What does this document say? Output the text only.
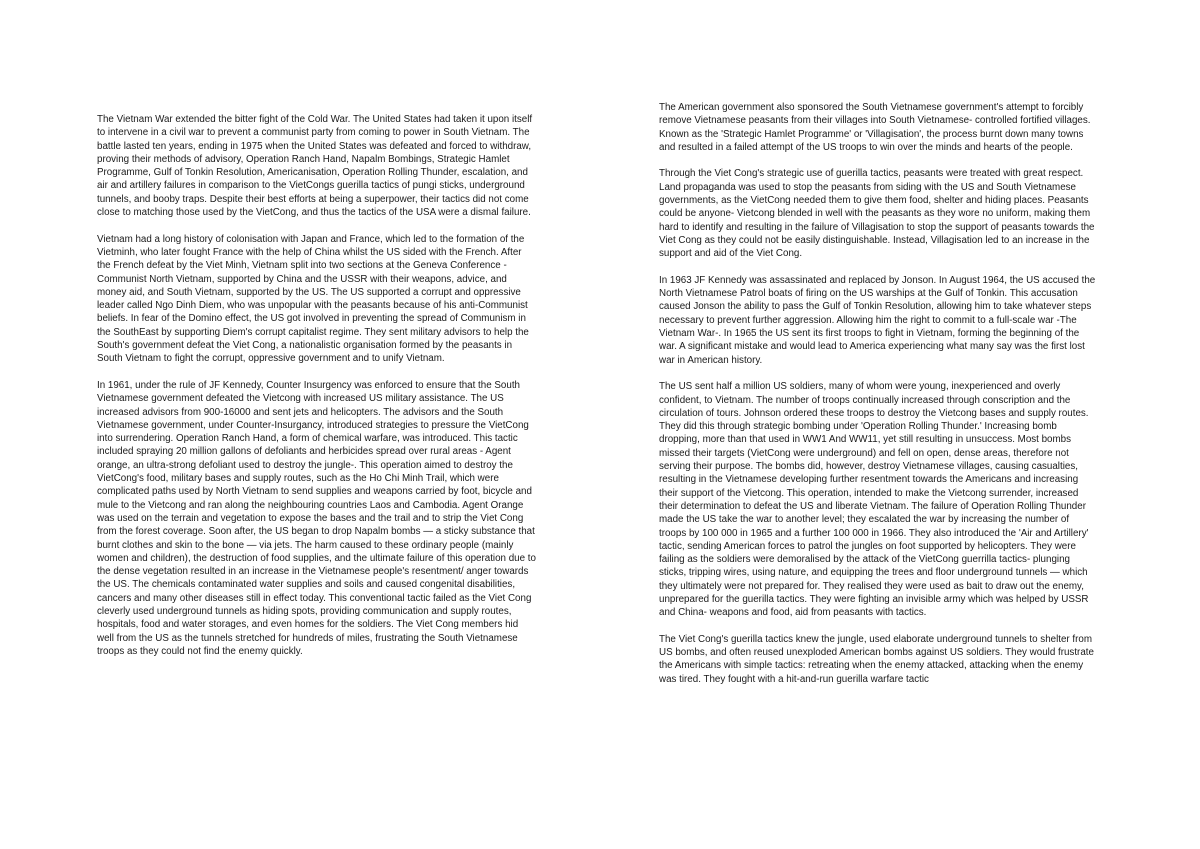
The Vietnam War extended the bitter fight of the Cold War. The United States had taken it upon itself to intervene in a civil war to prevent a communist party from coming to power in South Vietnam. The battle lasted ten years, ending in 1975 when the United States was defeated and forced to withdraw, proving their methods of advisory, Operation Ranch Hand, Napalm Bombings, Strategic Hamlet Programme, Gulf of Tonkin Resolution, Americanisation, Operation Rolling Thunder, escalation, and air and artillery failures in comparison to the VietCongs guerilla tactics of pungi sticks, underground tunnels, and booby traps. Despite their best efforts at being a superpower, their tactics did not come close to matching those used by the VietCong, and thus the tactics of the USA were a dismal failure.

Vietnam had a long history of colonisation with Japan and France, which led to the formation of the Vietminh, who later fought France with the help of China whilst the US sided with the French. After the French defeat by the Viet Minh, Vietnam split into two sections at the Geneva Conference - Communist North Vietnam, supported by China and the USSR with their weapons, advice, and money aid, and South Vietnam, supported by the US. The US supported a corrupt and oppressive leader called Ngo Dinh Diem, who was unpopular with the peasants because of his anti-Communist beliefs. In fear of the Domino effect, the US got involved in preventing the spread of Communism in the SouthEast by supporting Diem's corrupt capitalist regime. They sent military advisors to help the South's government defeat the Viet Cong, a nationalistic organisation formed by the peasants in South Vietnam to fight the corrupt, oppressive government and to unify Vietnam.

In 1961, under the rule of JF Kennedy, Counter Insurgency was enforced to ensure that the South Vietnamese government defeated the Vietcong with increased US military assistance. The US increased advisors from 900-16000 and sent jets and helicopters. The advisors and the South Vietnamese government, under Counter-Insurgancy, introduced strategies to pressure the VietCong into surrendering. Operation Ranch Hand, a form of chemical warfare, was introduced. This tactic included spraying 20 million gallons of defoliants and herbicides spread over rural areas - Agent orange, an ultra-strong defoliant used to destroy the jungle-. This operation aimed to destroy the VietCong's food, military bases and supply routes, such as the Ho Chi Minh Trail, which were complicated paths used by North Vietnam to send supplies and weapons carried by foot, bicycle and mule to the Vietcong and ran along the neighbouring countries Laos and Cambodia. Agent Orange was used on the terrain and vegetation to expose the bases and the trail and to strip the Viet Cong from the forest coverage. Soon after, the US began to drop Napalm bombs — a sticky substance that burnt clothes and skin to the bone — via jets. The harm caused to these ordinary people (mainly women and children), the destruction of food supplies, and the ultimate failure of this operation due to the dense vegetation resulted in an increase in the Vietnamese people's resentment/ anger towards the US. The chemicals contaminated water supplies and soils and caused congenital disabilities, cancers and many other diseases still in effect today. This conventional tactic failed as the Viet Cong cleverly used underground tunnels as hiding spots, providing communication and supply routes, hospitals, food and water storages, and even homes for the soldiers. The Viet Cong members hid well from the US as the tunnels stretched for hundreds of miles, frustrating the South Vietnamese troops as they could not find the enemy quickly.

The American government also sponsored the South Vietnamese government's attempt to forcibly remove Vietnamese peasants from their villages into South Vietnamese- controlled fortified villages. Known as the 'Strategic Hamlet Programme' or 'Villagisation', the process burnt down many towns and resulted in a failed attempt of the US troops to win over the minds and hearts of the people.

Through the Viet Cong's strategic use of guerilla tactics, peasants were treated with great respect. Land propaganda was used to stop the peasants from siding with the US and South Vietnamese governments, as the VietCong needed them to give them food, shelter and hiding places. Peasants could be anyone- Vietcong blended in well with the peasants as they wore no uniform, making them hard to identify and resulting in the failure of Villagisation to stop the support of peasants towards the Viet Cong as they could not be easily distinguishable. Instead, Villagisation led to an increase in the support and aid of the Viet Cong.

In 1963 JF Kennedy was assassinated and replaced by Jonson. In August 1964, the US accused the North Vietnamese Patrol boats of firing on the US warships at the Gulf of Tonkin. This accusation caused Jonson the ability to pass the Gulf of Tonkin Resolution, allowing him to take whatever steps necessary to prevent further aggression. Allowing him the right to commit to a full-scale war -The Vietnam War-. In 1965 the US sent its first troops to fight in Vietnam, forming the beginning of the war. A significant mistake and would lead to America experiencing what many say was the first lost war in American history.

The US sent half a million US soldiers, many of whom were young, inexperienced and overly confident, to Vietnam. The number of troops continually increased through conscription and the circulation of tours. Johnson ordered these troops to destroy the Vietcong bases and supply routes. They did this through strategic bombing under 'Operation Rolling Thunder.' Increasing bomb dropping, more than that used in WW1 And WW11, yet still resulting in unsuccess. Most bombs missed their targets (VietCong were underground) and fell on open, dense areas, therefore not serving their purpose. The bombs did, however, destroy Vietnamese villages, causing casualties, resulting in the Vietnamese developing further resentment towards the Americans and increasing their support of the Vietcong. This operation, intended to make the Vietcong surrender, increased their determination to defeat the US and liberate Vietnam. The failure of Operation Rolling Thunder made the US take the war to another level; they escalated the war by increasing the number of troops by 100 000 in 1965 and a further 100 000 in 1966. They also introduced the 'Air and Artillery' tactic, sending American forces to patrol the jungles on foot supported by helicopters. They were failing as the soldiers were demoralised by the attack of the VietCong guerrilla tactics- plunging sticks, tripping wires, using nature, and equipping the trees and floor underground tunnels — which they ultimately were not prepared for. They realised they were used as bait to draw out the enemy, unprepared for the guerilla tactics. They were fighting an invisible army which was helped by USSR and China- weapons and food, aid from peasants with tactics.

The Viet Cong's guerilla tactics knew the jungle, used elaborate underground tunnels to shelter from US bombs, and often reused unexploded American bombs against US soldiers. They would frustrate the Americans with simple tactics: retreating when the enemy attacked, attacking when the enemy was tired. They fought with a hit-and-run guerilla warfare tactic
